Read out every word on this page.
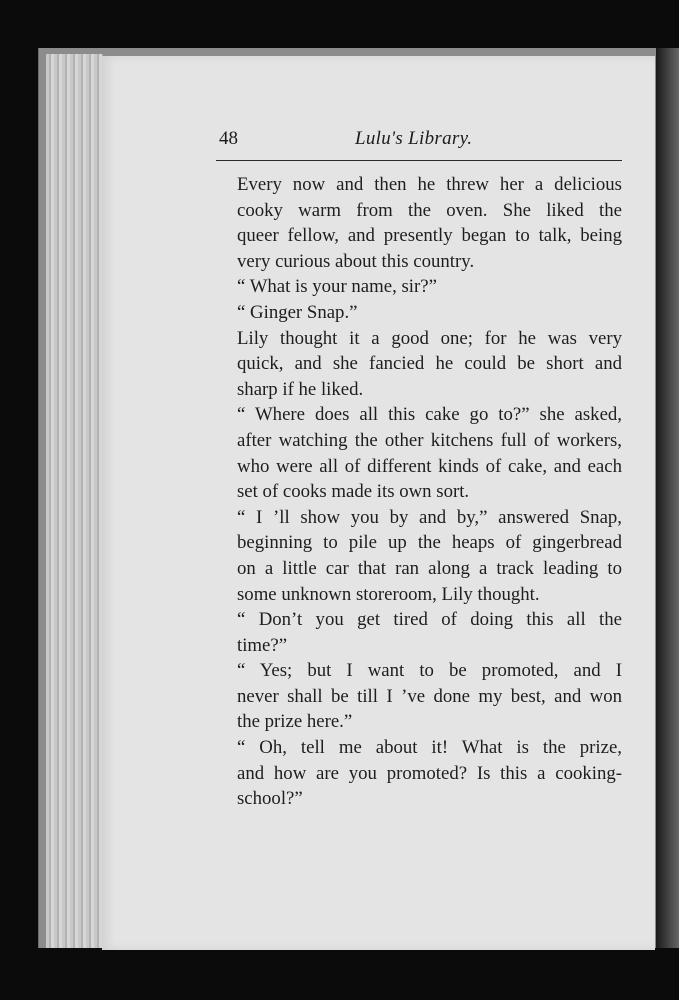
48	Lulu's Library.

Every now and then he threw her a delicious
cooky warm from the oven. She liked the
queer fellow, and presently began to talk, being
very curious about this country.

“ What is your name, sir?”

“ Ginger Snap.”

Lily thought it a good one; for he was very
quick, and she fancied he could be short and
sharp if he liked.

“ Where does all this cake go to?” she asked,
after watching the other kitchens full of workers,
who were all of different kinds of cake, and each
set of cooks made its own sort.

“ I ’ll show you by and by,” answered Snap,
beginning to pile up the heaps of gingerbread
on a little car that ran along a track leading to
some unknown storeroom, Lily thought.

“ Don’t you get tired of doing this all the
time?”

“ Yes; but I want to be promoted, and I
never shall be till I ’ve done my best, and won
the prize here.”

“ Oh, tell me about it! What is the prize,
and how are you promoted? Is this a cooking-
school?”
